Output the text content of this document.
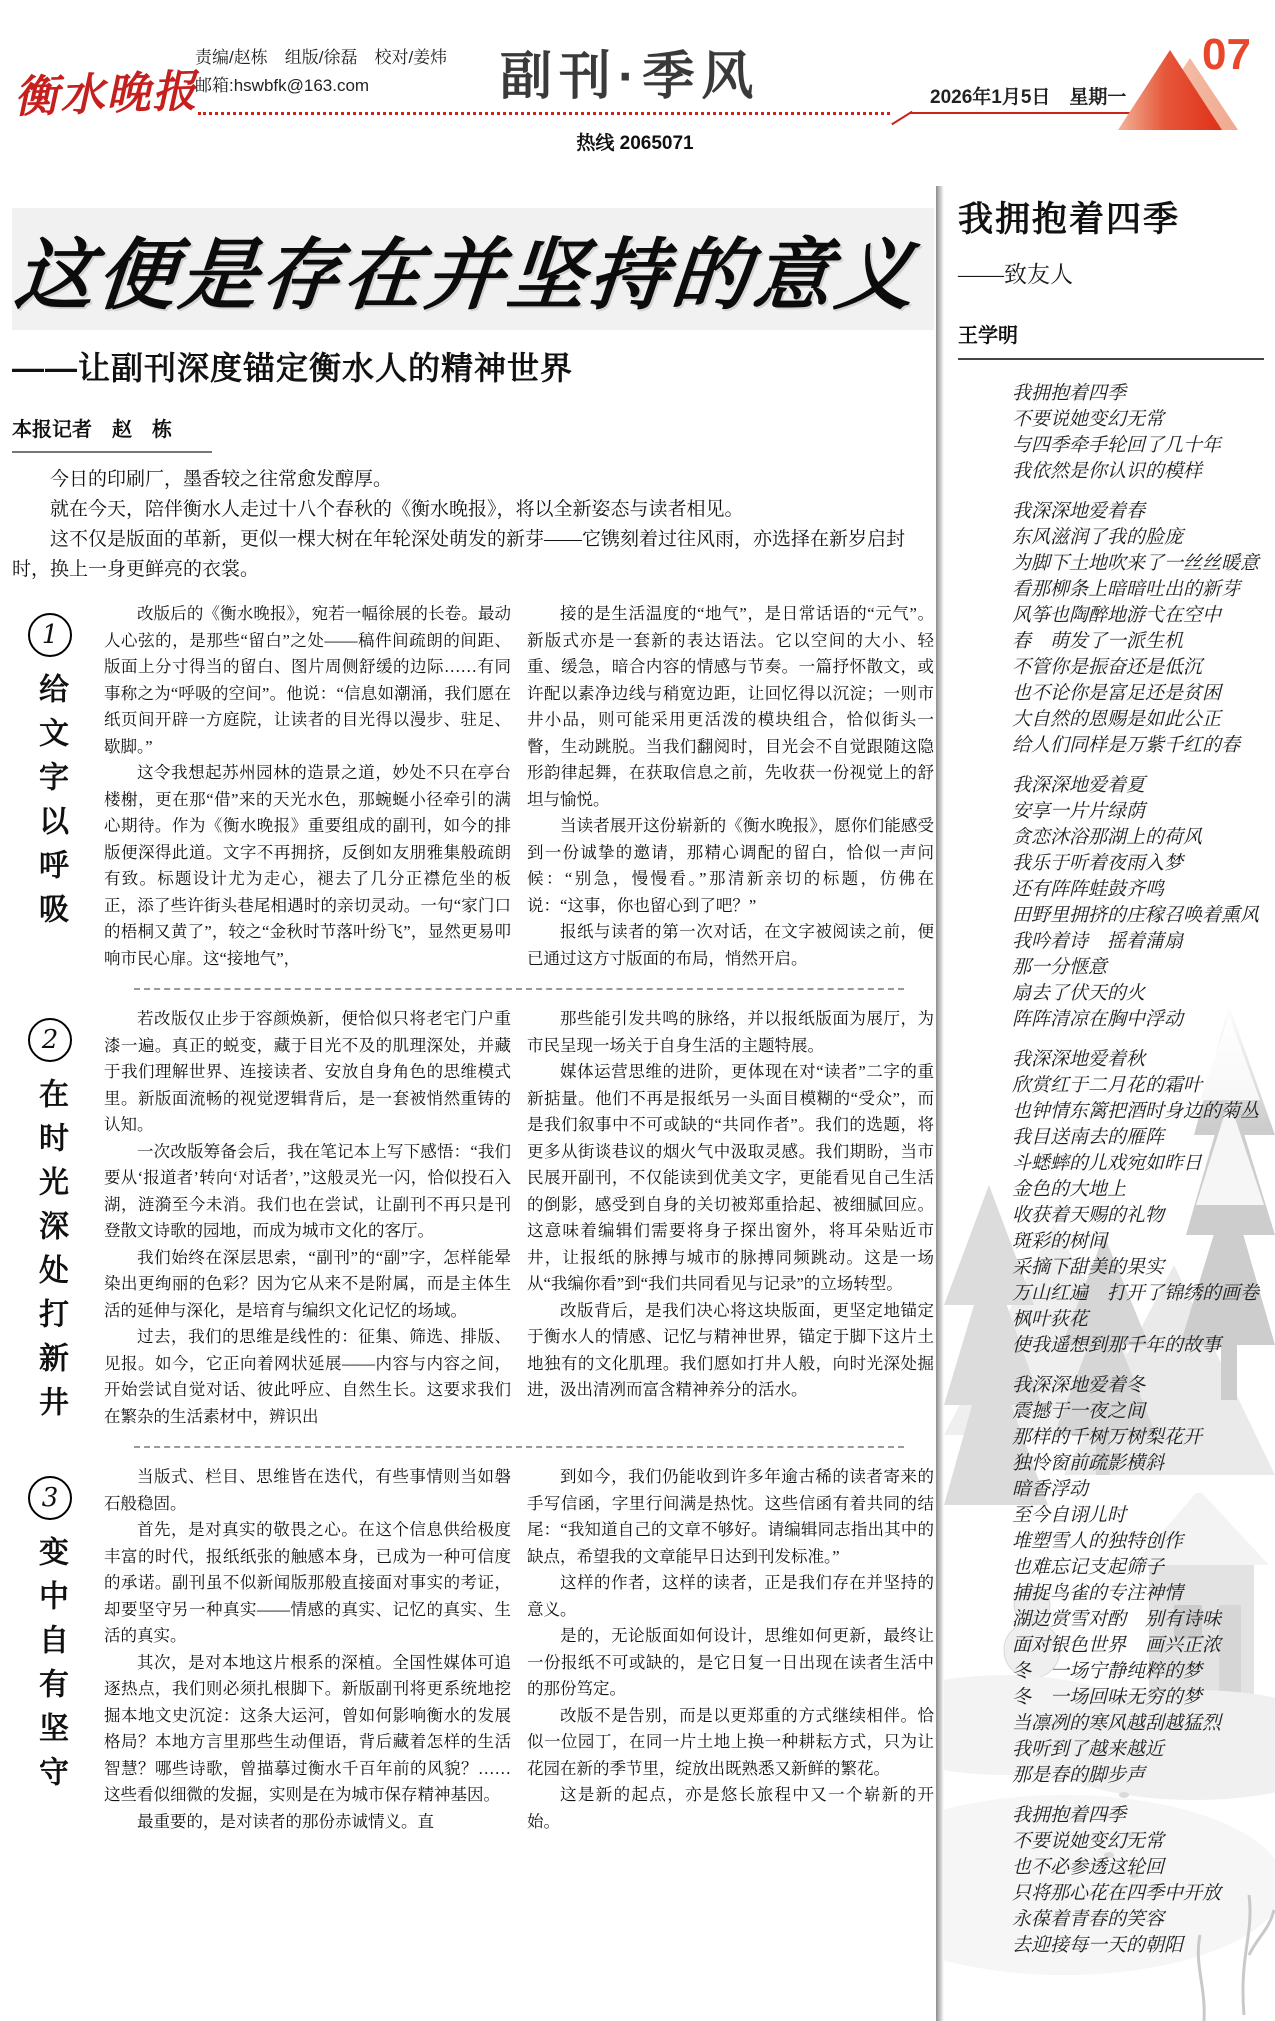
衡水晚报
责编/赵栋　组版/徐磊　校对/姜炜
邮箱:hswbfk@163.com	副刊·季风	2026年1月5日　星期一
热线 2065071
07
这便是存在并坚持的意义
——让副刊深度锚定衡水人的精神世界
本报记者　赵　栋

今日的印刷厂，墨香较之往常愈发醇厚。

就在今天，陪伴衡水人走过十八个春秋的《衡水晚报》，将以全新姿态与读者相见。

这不仅是版面的革新，更似一棵大树在年轮深处萌发的新芽——它镌刻着过往风雨，亦选择在新岁启封时，换上一身更鲜亮的衣裳。

1
给文字以呼吸

改版后的《衡水晚报》，宛若一幅徐展的长卷。最动人心弦的，是那些“留白”之处——稿件间疏朗的间距、版面上分寸得当的留白、图片周侧舒缓的边际……有同事称之为“呼吸的空间”。他说：“信息如潮涌，我们愿在纸页间开辟一方庭院，让读者的目光得以漫步、驻足、歇脚。”

这令我想起苏州园林的造景之道，妙处不只在亭台楼榭，更在那“借”来的天光水色，那蜿蜒小径牵引的满心期待。作为《衡水晚报》重要组成的副刊，如今的排版便深得此道。文字不再拥挤，反倒如友朋雅集般疏朗有致。标题设计尤为走心，褪去了几分正襟危坐的板正，添了些许街头巷尾相遇时的亲切灵动。一句“家门口的梧桐又黄了”，较之“金秋时节落叶纷飞”，显然更易叩响市民心扉。这“接地气”，

接的是生活温度的“地气”，是日常话语的“元气”。新版式亦是一套新的表达语法。它以空间的大小、轻重、缓急，暗合内容的情感与节奏。一篇抒怀散文，或许配以素净边线与稍宽边距，让回忆得以沉淀；一则市井小品，则可能采用更活泼的模块组合，恰似街头一瞥，生动跳脱。当我们翻阅时，目光会不自觉跟随这隐形韵律起舞，在获取信息之前，先收获一份视觉上的舒坦与愉悦。

当读者展开这份崭新的《衡水晚报》，愿你们能感受到一份诚挚的邀请，那精心调配的留白，恰似一声问候：“别急，慢慢看。”那清新亲切的标题，仿佛在说：“这事，你也留心到了吧？”

报纸与读者的第一次对话，在文字被阅读之前，便已通过这方寸版面的布局，悄然开启。

2
在时光深处打新井

若改版仅止步于容颜焕新，便恰似只将老宅门户重漆一遍。真正的蜕变，藏于目光不及的肌理深处，并藏于我们理解世界、连接读者、安放自身角色的思维模式里。新版面流畅的视觉逻辑背后，是一套被悄然重铸的认知。

一次改版筹备会后，我在笔记本上写下感悟：“我们要从‘报道者’转向‘对话者’，”这般灵光一闪，恰似投石入湖，涟漪至今未消。我们也在尝试，让副刊不再只是刊登散文诗歌的园地，而成为城市文化的客厅。

我们始终在深层思索，“副刊”的“副”字，怎样能晕染出更绚丽的色彩？因为它从来不是附属，而是主体生活的延伸与深化，是培育与编织文化记忆的场域。

过去，我们的思维是线性的：征集、筛选、排版、见报。如今，它正向着网状延展——内容与内容之间，开始尝试自觉对话、彼此呼应、自然生长。这要求我们在繁杂的生活素材中，辨识出

那些能引发共鸣的脉络，并以报纸版面为展厅，为市民呈现一场关于自身生活的主题特展。

媒体运营思维的进阶，更体现在对“读者”二字的重新掂量。他们不再是报纸另一头面目模糊的“受众”，而是我们叙事中不可或缺的“共同作者”。我们的选题，将更多从街谈巷议的烟火气中汲取灵感。我们期盼，当市民展开副刊，不仅能读到优美文字，更能看见自己生活的倒影，感受到自身的关切被郑重拾起、被细腻回应。这意味着编辑们需要将身子探出窗外，将耳朵贴近市井，让报纸的脉搏与城市的脉搏同频跳动。这是一场从“我编你看”到“我们共同看见与记录”的立场转型。

改版背后，是我们决心将这块版面，更坚定地锚定于衡水人的情感、记忆与精神世界，锚定于脚下这片土地独有的文化肌理。我们愿如打井人般，向时光深处掘进，汲出清冽而富含精神养分的活水。

3
变中自有坚守

当版式、栏目、思维皆在迭代，有些事情则当如磐石般稳固。

首先，是对真实的敬畏之心。在这个信息供给极度丰富的时代，报纸纸张的触感本身，已成为一种可信度的承诺。副刊虽不似新闻版那般直接面对事实的考证，却要坚守另一种真实——情感的真实、记忆的真实、生活的真实。

其次，是对本地这片根系的深植。全国性媒体可追逐热点，我们则必须扎根脚下。新版副刊将更系统地挖掘本地文史沉淀：这条大运河，曾如何影响衡水的发展格局？本地方言里那些生动俚语，背后藏着怎样的生活智慧？哪些诗歌，曾描摹过衡水千百年前的风貌？……这些看似细微的发掘，实则是在为城市保存精神基因。

最重要的，是对读者的那份赤诚情义。直

到如今，我们仍能收到许多年逾古稀的读者寄来的手写信函，字里行间满是热忱。这些信函有着共同的结尾：“我知道自己的文章不够好。请编辑同志指出其中的缺点，希望我的文章能早日达到刊发标准。”

这样的作者，这样的读者，正是我们存在并坚持的意义。

是的，无论版面如何设计，思维如何更新，最终让一份报纸不可或缺的，是它日复一日出现在读者生活中的那份笃定。

改版不是告别，而是以更郑重的方式继续相伴。恰似一位园丁，在同一片土地上换一种耕耘方式，只为让花园在新的季节里，绽放出既熟悉又新鲜的繁花。

这是新的起点，亦是悠长旅程中又一个崭新的开始。

我拥抱着四季
——致友人
王学明
我拥抱着四季
不要说她变幻无常
与四季牵手轮回了几十年
我依然是你认识的模样
我深深地爱着春
东风滋润了我的脸庞
为脚下土地吹来了一丝丝暖意
看那柳条上暗暗吐出的新芽
风筝也陶醉地游弋在空中
春　萌发了一派生机
不管你是振奋还是低沉
也不论你是富足还是贫困
大自然的恩赐是如此公正
给人们同样是万紫千红的春
我深深地爱着夏
安享一片片绿荫
贪恋沐浴那湖上的荷风
我乐于听着夜雨入梦
还有阵阵蛙鼓齐鸣
田野里拥挤的庄稼召唤着熏风
我吟着诗　摇着蒲扇
那一分惬意
扇去了伏天的火
阵阵清凉在胸中浮动
我深深地爱着秋
欣赏红于二月花的霜叶
也钟情东篱把酒时身边的菊丛
我目送南去的雁阵
斗蟋蟀的儿戏宛如昨日
金色的大地上
收获着天赐的礼物
斑彩的树间
采摘下甜美的果实
万山红遍　打开了锦绣的画卷
枫叶荻花
使我遥想到那千年的故事
我深深地爱着冬
震撼于一夜之间
那样的千树万树梨花开
独怜窗前疏影横斜
暗香浮动
至今自诩儿时
堆塑雪人的独特创作
也难忘记支起筛子
捕捉鸟雀的专注神情
湖边赏雪对酌　别有诗味
面对银色世界　画兴正浓
冬　一场宁静纯粹的梦
冬　一场回味无穷的梦
当凛冽的寒风越刮越猛烈
我听到了越来越近
那是春的脚步声
我拥抱着四季
不要说她变幻无常
也不必参透这轮回
只将那心花在四季中开放
永葆着青春的笑容
去迎接每一天的朝阳
